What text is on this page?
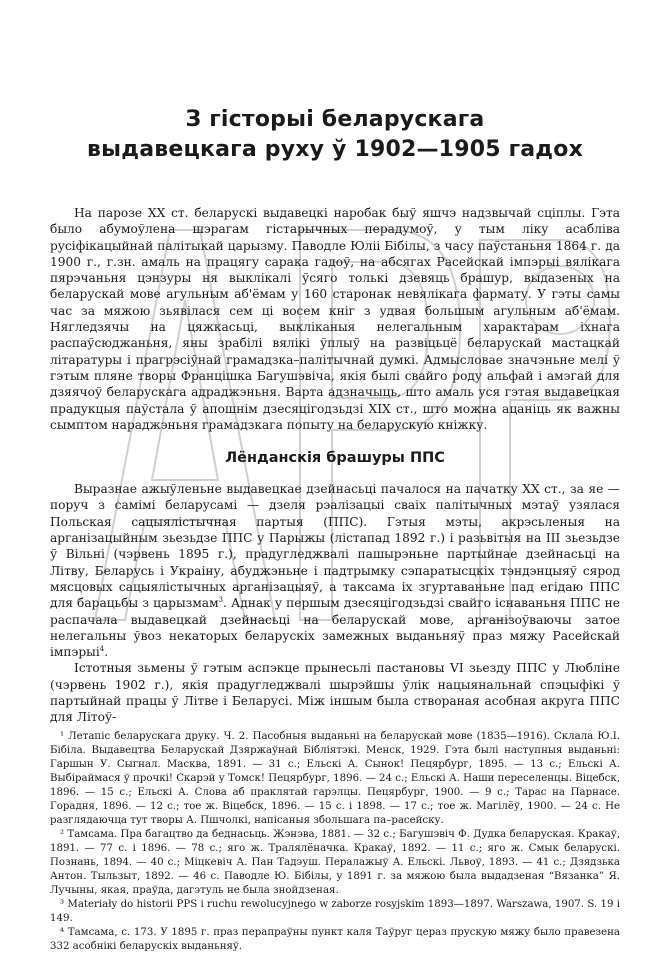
З гісторыі беларускага
выдавецкага руху ў 1902—1905 гадох

На парозе ХХ ст. беларускі выдавецкі наробак быў яшчэ надзвычай сціплы. Гэта было абумоўлена шэрагам гістарычных перадумоў, у тым ліку асабліва русіфікацыйнай палітыкай царызму. Паводле Юліі Бібілы, з часу паўстаньня 1864 г. да 1900 г., г.зн. амаль на працягу сарака гадоў, на абсягах Расейскай імпэрыі вялікага пярэчаньня цэнзуры ня выклікалі ўсяго толькі дзевяць брашур, выдазеных на беларускай мове агульным аб'ёмам у 160 старонак невялікага фармату. У гэты самы час за мяжою зьявілася сем ці восем кніг з удвая большым агульным аб'ёмам. Нягледзячы на цяжкасьці, выкліканыя нелегальным характарам іхнага распаўсюджаньня, яны зрабілі вялікі ўплыў на развіцьцё беларускай мастацкай літаратуры і прагрэсіўнай грамадзка–палітычнай думкі. Адмысловае значэньне мелі ў гэтым пляне творы Францішка Багушэвіча, якія былі свайго роду альфай і амэгай для дзяячоў беларускага адраджэньня. Варта адзначыць, што амаль уся гэтая выдавецкая прадукцыя паўстала ў апошнім дзесяцігодзьдзі ХІХ ст., што можна ацаніць як важны сымптом нараджэньня грамадзкага попыту на беларускую кніжку.

Лёнданскія брашуры ППС

Выразнае ажыўленьне выдавецкае дзейнасьці пачалося на пачатку ХХ ст., за яе — поруч з самімі беларусамі — дзеля рэалізацыі сваіх палітычных мэтаў узялася Польская сацыялістычная партыя (ППС). Гэтыя мэты, акрэсьленыя на арганізацыйным зьезьдзе ППС у Парыжы (лістапад 1892 г.) і разьвітыя на ІІІ зьезьдзе ў Вільні (чэрвень 1895 г.), прадугледжвалі пашырэньне партыйнае дзейнасьці на Літву, Беларусь і Украіну, абуджэньне і падтрымку сэпаратысцкіх тэндэнцыяў сярод мясцовых сацыялістычных арганізацыяў, а таксама іх згуртаваньне пад егідаю ППС для барацьбы з царызмам$^3$. Аднак у першым дзесяцігодзьдзі свайго існаваньня ППС не распачала выдавецкай дзейнасьці на беларускай мове, арганізоўваючы затое нелегальны ўвоз некаторых беларускіх замежных выданьняў праз мяжу Расейскай імпэрыі$^4$.

Істотныя зьмены ў гэтым аспэкце прынесьлі пастановы VI зьезду ППС у Люблiне (чэрвень 1902 г.), якія прадугледжвалі шырэйшы ўлік нацыянальнай спэцыфікі ў партыйнай працы ў Літве і Беларусі. Між іншым была створаная асобная акруга ППС для Літоў-

¹ Летапіс беларускага друку. Ч. 2. Пасобныя выданьні на беларускай мове (1835—1916). Склала Ю.І. Бібіла. Выдавецтва Беларускай Дзяржаўнай Бібліятэкі. Менск, 1929. Гэта былі наступныя выданьні: Гаршын У. Сыгнал. Масква, 1891. — 31 с.; Ельскі А. Сынок! Пецярбург, 1895. — 13 с.; Ельскі А. Выбіраймася ў прочкі! Скарэй у Томск! Пецярбург, 1896. — 24 с.; Ельскі А. Наши переселенцы. Віцебск, 1896. — 15 с.; Ельскі А. Слова аб праклятай гарэлцы. Пецярбург, 1900. — 9 с.; Тарас на Парнасе. Горадня, 1896. — 12 с.; тое ж. Віцебск, 1896. — 15 с. і 1898. — 17 с.; тое ж. Магілёў, 1900. — 24 с. Не разглядаючца тут творы А. Пшчолкі, напісаныя збольшага па–расейску.

² Тамсама. Пра багацтво да беднасьць. Жэнэва, 1881. — 32 с.; Багушэвіч Ф. Дудка беларуская. Кракаў, 1891. — 77 с. і 1896. — 78 с.; яго ж. Тралялёначка. Кракаў, 1892. — 11 с.; яго ж. Смык беларускі. Познань, 1894. — 40 с.; Міцкевіч А. Пан Тадэуш. Пералажыў А. Ельскі. Львоў, 1893. — 41 с.; Дзядзька Антон. Тыльзыт, 1892. — 46 с. Паводле Ю. Бібілы, у 1891 г. за мяжою была выдадзеная “Вязанка” Я. Лучыны, якая, праўда, дагэтуль не была знойдзеная.

³ Materiały do historii PPS i ruchu rewolucyjnego w zaborze rosyjskim 1893—1897. Warszawa, 1907. S. 19 і 149.

⁴ Тамсама, с. 173. У 1895 г. праз перапраўны пункт каля Таўруг цераз прускую мяжу было правезена 332 асобнікі беларускіх выданьняў.
